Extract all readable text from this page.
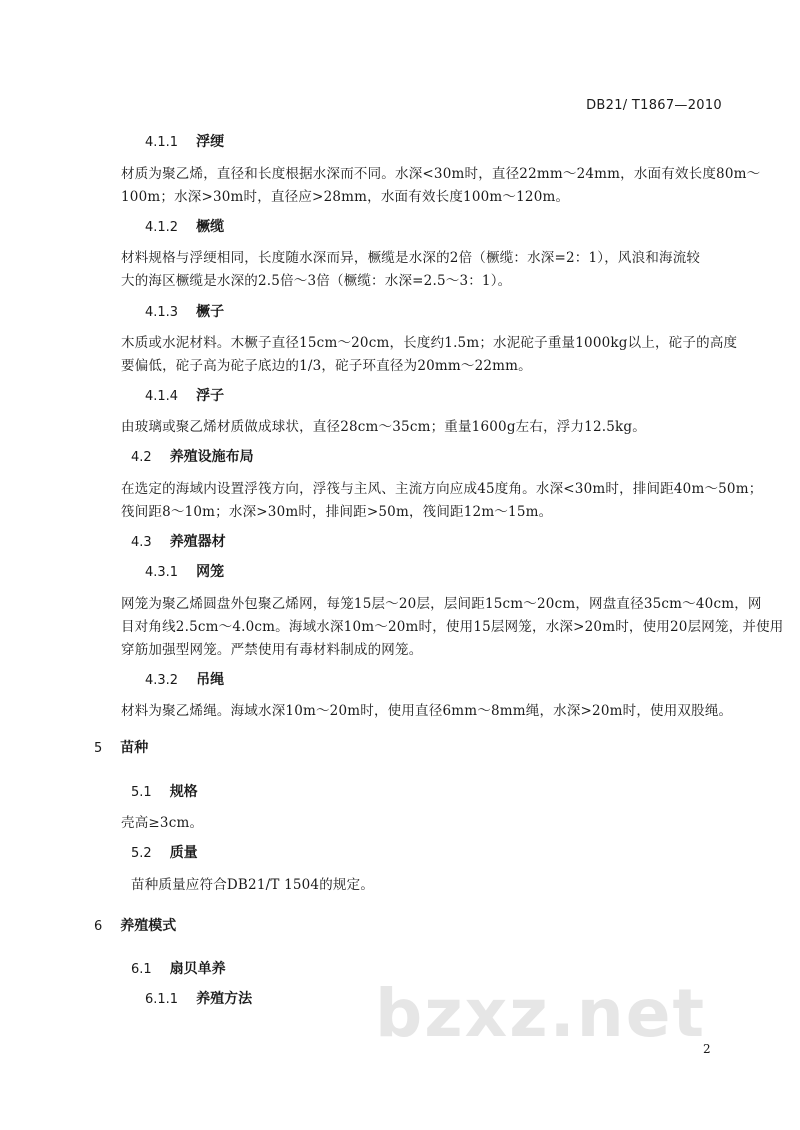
DB21/ T1867—2010
4.1.1 浮绠
材质为聚乙烯，直径和长度根据水深而不同。水深<30m时，直径22mm～24mm，水面有效长度80m～
100m；水深>30m时，直径应>28mm，水面有效长度100m～120m。
4.1.2 橛缆
材料规格与浮绠相同，长度随水深而异，橛缆是水深的2倍（橛缆：水深=2：1），风浪和海流较
大的海区橛缆是水深的2.5倍～3倍（橛缆：水深=2.5～3：1）。
4.1.3 橛子
木质或水泥材料。木橛子直径15cm～20cm，长度约1.5m；水泥砣子重量1000kg以上，砣子的高度
要偏低，砣子高为砣子底边的1/3，砣子环直径为20mm～22mm。
4.1.4 浮子
由玻璃或聚乙烯材质做成球状，直径28cm～35cm；重量1600g左右，浮力12.5kg。
4.2 养殖设施布局
在选定的海域内设置浮筏方向，浮筏与主风、主流方向应成45度角。水深<30m时，排间距40m～50m；
筏间距8～10m；水深>30m时，排间距>50m，筏间距12m～15m。
4.3 养殖器材
4.3.1 网笼
网笼为聚乙烯圆盘外包聚乙烯网，每笼15层～20层，层间距15cm～20cm，网盘直径35cm～40cm，网
目对角线2.5cm～4.0cm。海域水深10m～20m时，使用15层网笼，水深>20m时，使用20层网笼，并使用
穿筋加强型网笼。严禁使用有毒材料制成的网笼。
4.3.2 吊绳
材料为聚乙烯绳。海域水深10m～20m时，使用直径6mm～8mm绳，水深>20m时，使用双股绳。
5 苗种
5.1 规格
壳高≥3cm。
5.2 质量
苗种质量应符合DB21/T 1504的规定。
6 养殖模式
6.1 扇贝单养
6.1.1 养殖方法 bzxz.net
2
